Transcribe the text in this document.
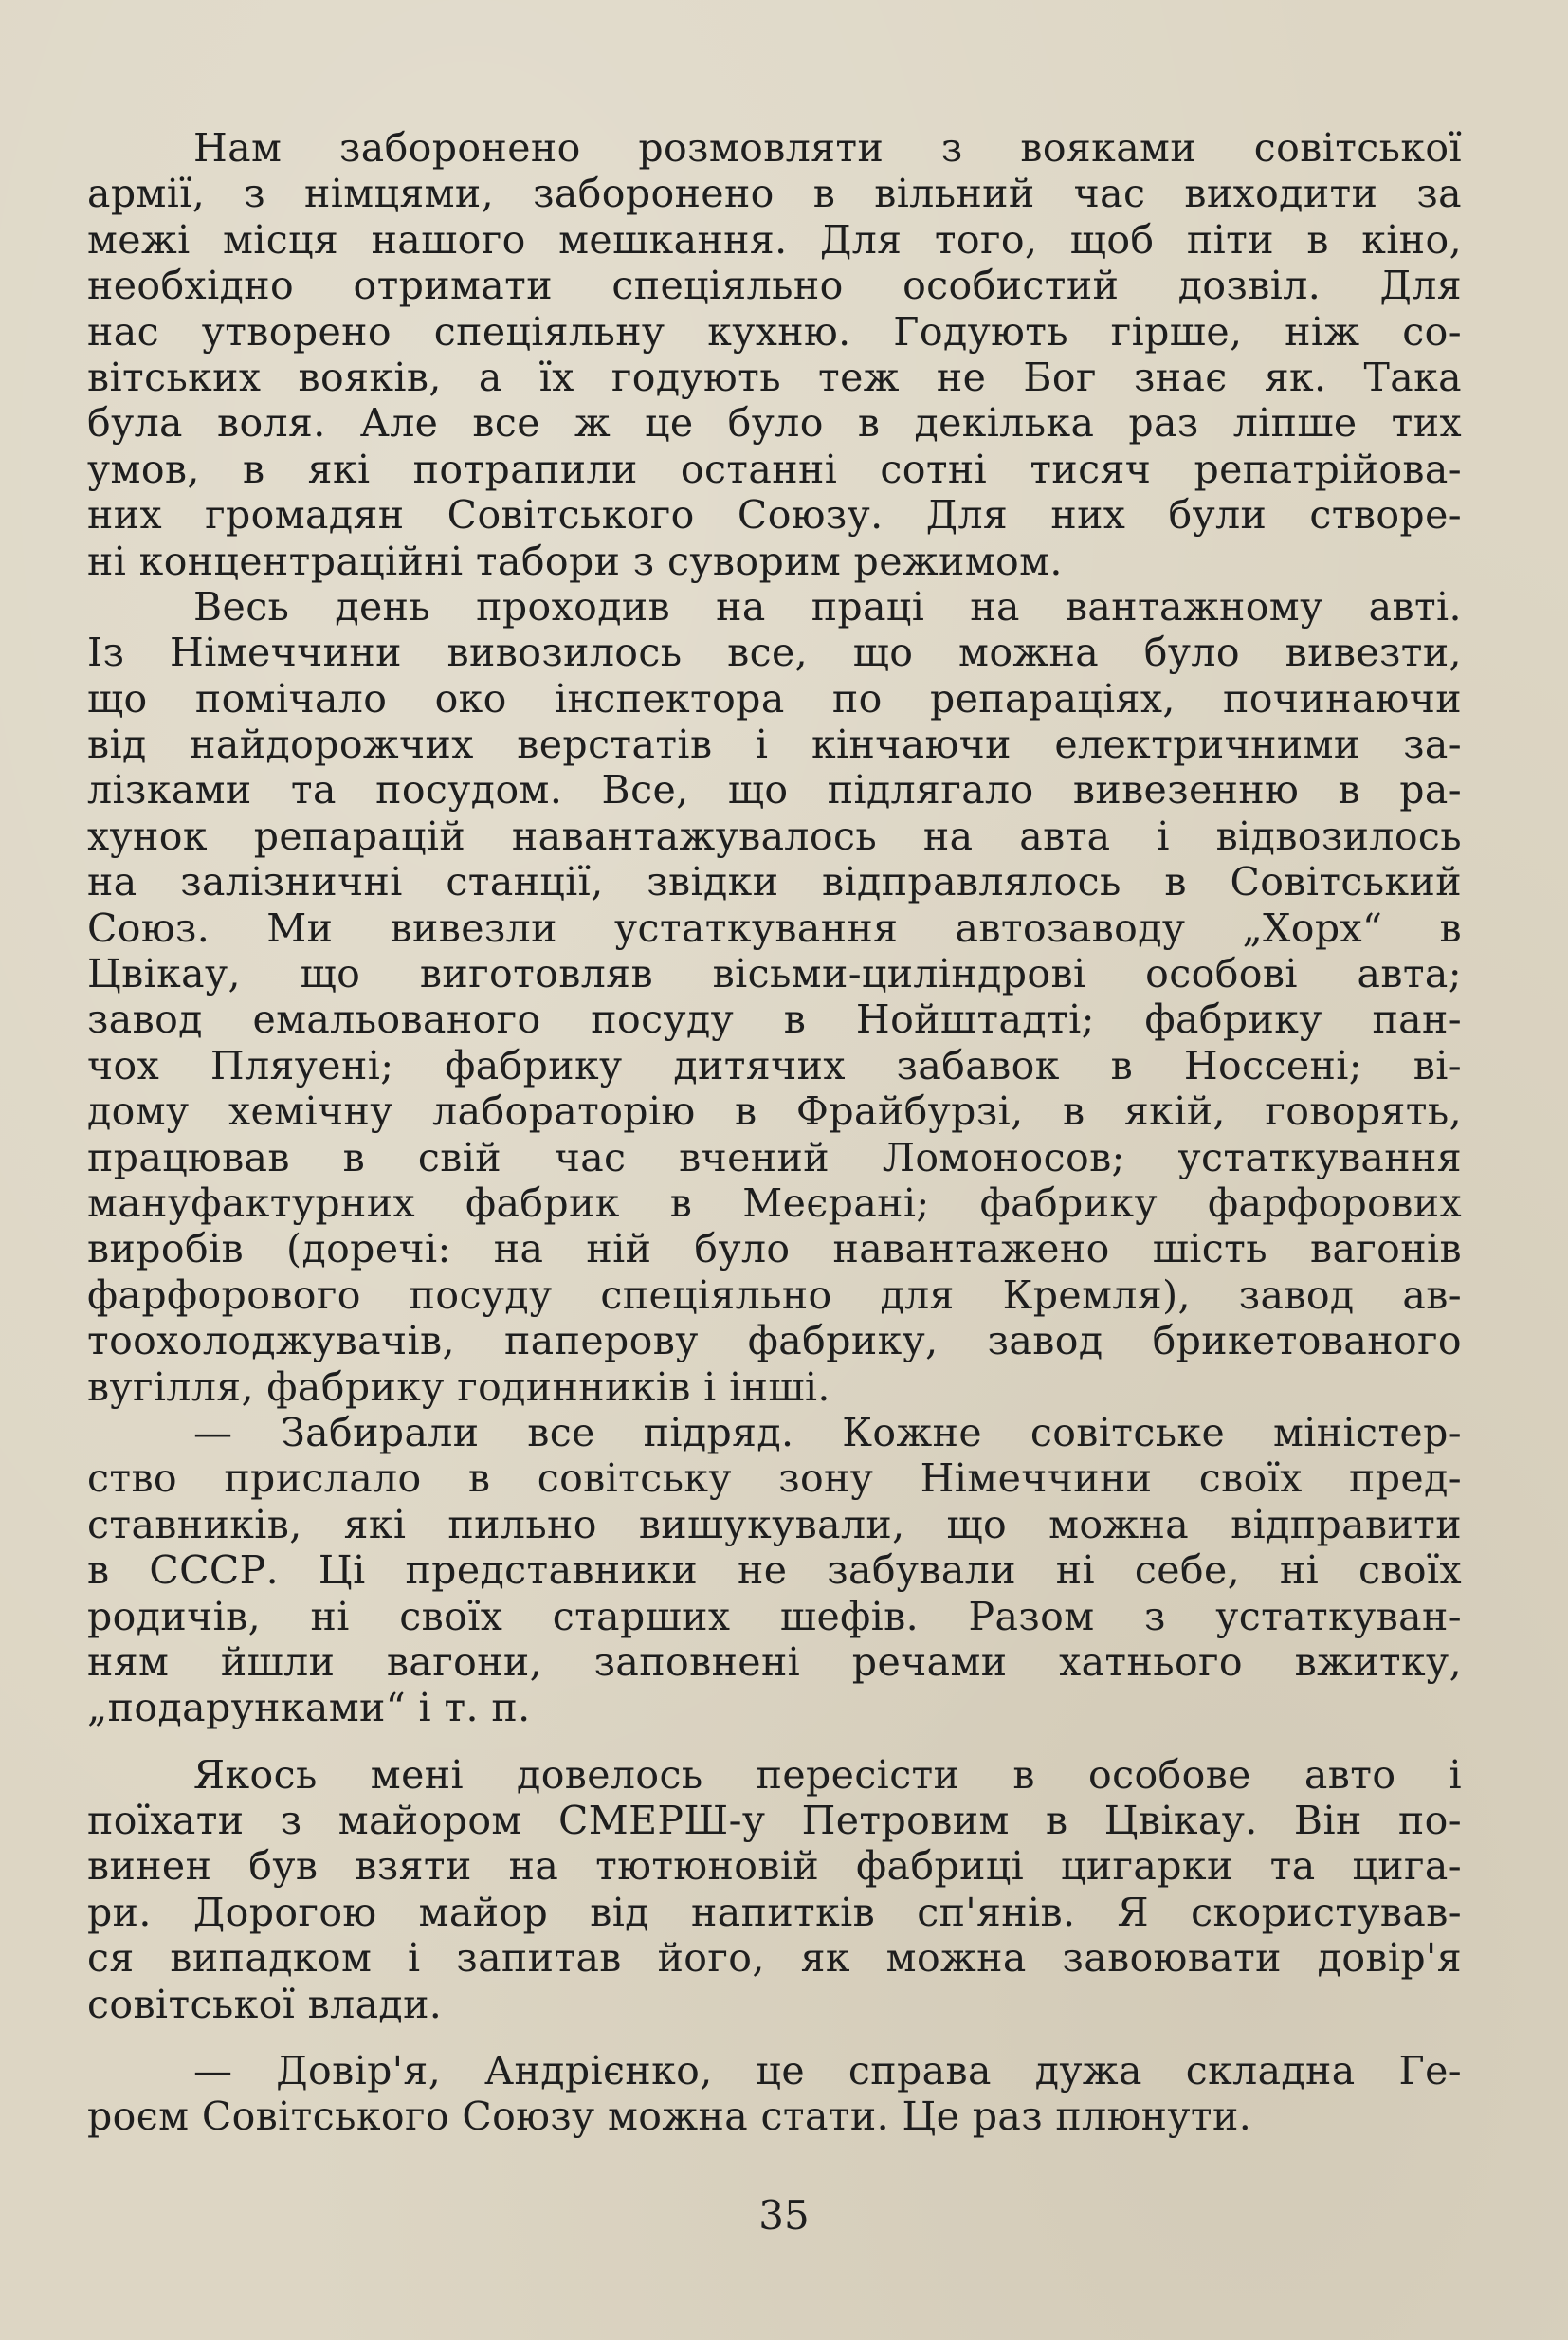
Нам заборонено розмовляти з вояками совітської
армії, з німцями, заборонено в вільний час виходити за
межі місця нашого мешкання. Для того, щоб піти в кіно,
необхідно отримати спеціяльно особистий дозвіл. Для
нас утворено спеціяльну кухню. Годують гірше, ніж со-
вітських вояків, а їх годують теж не Бог знає як. Така
була воля. Але все ж це було в декілька раз ліпше тих
умов, в які потрапили останні сотні тисяч репатрійова-
них громадян Совітського Союзу. Для них були створе-
ні концентраційні табори з суворим режимом.
Весь день проходив на праці на вантажному авті.
Із Німеччини вивозилось все, що можна було вивезти,
що помічало око інспектора по репараціях, починаючи
від найдорожчих верстатів і кінчаючи електричними за-
лізками та посудом. Все, що підлягало вивезенню в ра-
хунок репарацій навантажувалось на авта і відвозилось
на залізничні станції, звідки відправлялось в Совітський
Союз. Ми вивезли устаткування автозаводу „Хорх“ в
Цвікау, що виготовляв вісьми-циліндрові особові авта;
завод емальованого посуду в Нойштадті; фабрику пан-
чох Пляуені; фабрику дитячих забавок в Носсені; ві-
дому хемічну лабораторію в Фрайбурзі, в якій, говорять,
працював в свій час вчений Ломоносов; устаткування
мануфактурних фабрик в Меєрані; фабрику фарфорових
виробів (доречі: на ній було навантажено шість вагонів
фарфорового посуду спеціяльно для Кремля), завод ав-
тоохолоджувачів, паперову фабрику, завод брикетованого
вугілля, фабрику годинників і інші.
— Забирали все підряд. Кожне совітське міністер-
ство прислало в совітську зону Німеччини своїх пред-
ставників, які пильно вишукували, що можна відправити
в СССР. Ці представники не забували ні себе, ні своїх
родичів, ні своїх старших шефів. Разом з устаткуван-
ням йшли вагони, заповнені речами хатнього вжитку,
„подарунками“ і т. п.
Якось мені довелось пересісти в особове авто і
поїхати з майором СМЕРШ-у Петровим в Цвікау. Він по-
винен був взяти на тютюновій фабриці цигарки та цига-
ри. Дорогою майор від напитків сп'янів. Я скористував-
ся випадком і запитав його, як можна завоювати довір'я
совітської влади.
— Довір'я, Андрієнко, це справа дужа складна Ге-
роєм Совітського Союзу можна стати. Це раз плюнути.
35
